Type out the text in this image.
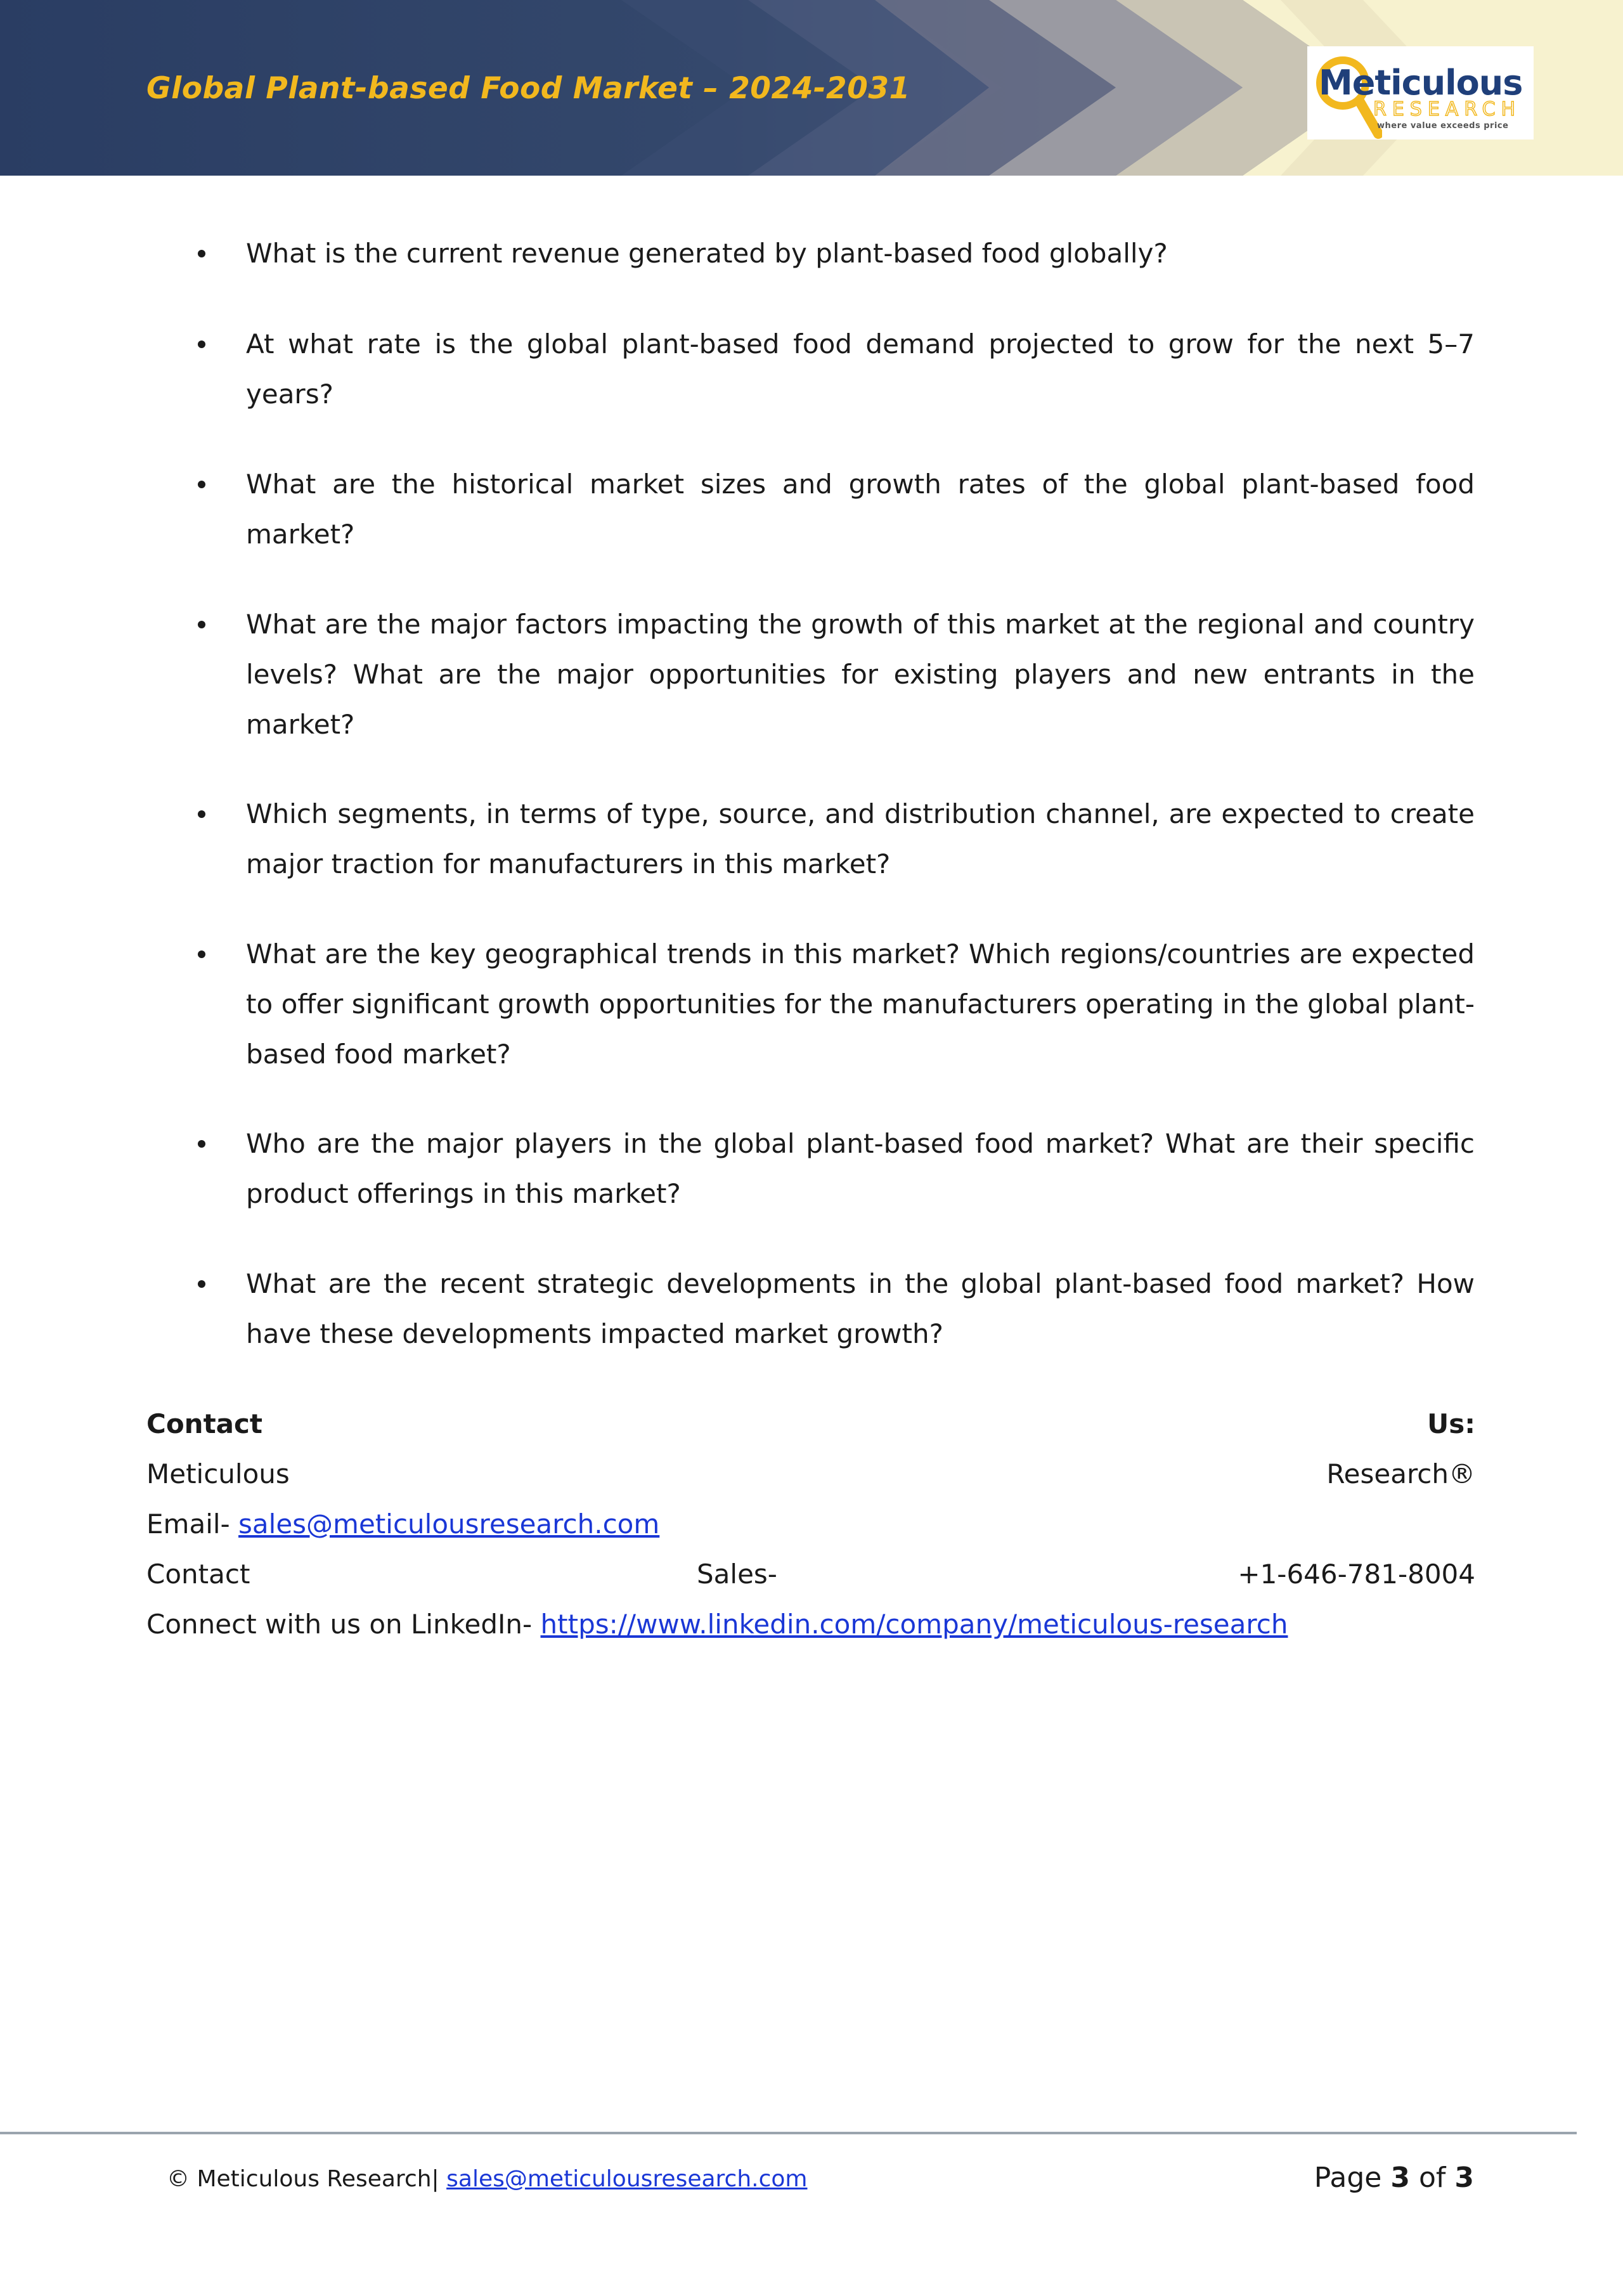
Global Plant-based Food Market – 2024-2031	Meticulous
RESEARCH
where value exceeds price
What is the current revenue generated by plant-based food globally?
At what rate is the global plant-based food demand projected to grow for the next 5–7 years?
What are the historical market sizes and growth rates of the global plant-based food market?
What are the major factors impacting the growth of this market at the regional and country levels? What are the major opportunities for existing players and new entrants in the market?
Which segments, in terms of type, source, and distribution channel, are expected to create major traction for manufacturers in this market?
What are the key geographical trends in this market? Which regions/countries are expected to offer significant growth opportunities for the manufacturers operating in the global plant-based food market?
Who are the major players in the global plant-based food market? What are their specific product offerings in this market?
What are the recent strategic developments in the global plant-based food market? How have these developments impacted market growth?
Contact	Us:
Meticulous	Research®
Email- sales@meticulousresearch.com
Contact	Sales-	+1-646-781-8004
Connect with us on LinkedIn- https://www.linkedin.com/company/meticulous-research
© Meticulous Research| sales@meticulousresearch.com	Page 3 of 3
